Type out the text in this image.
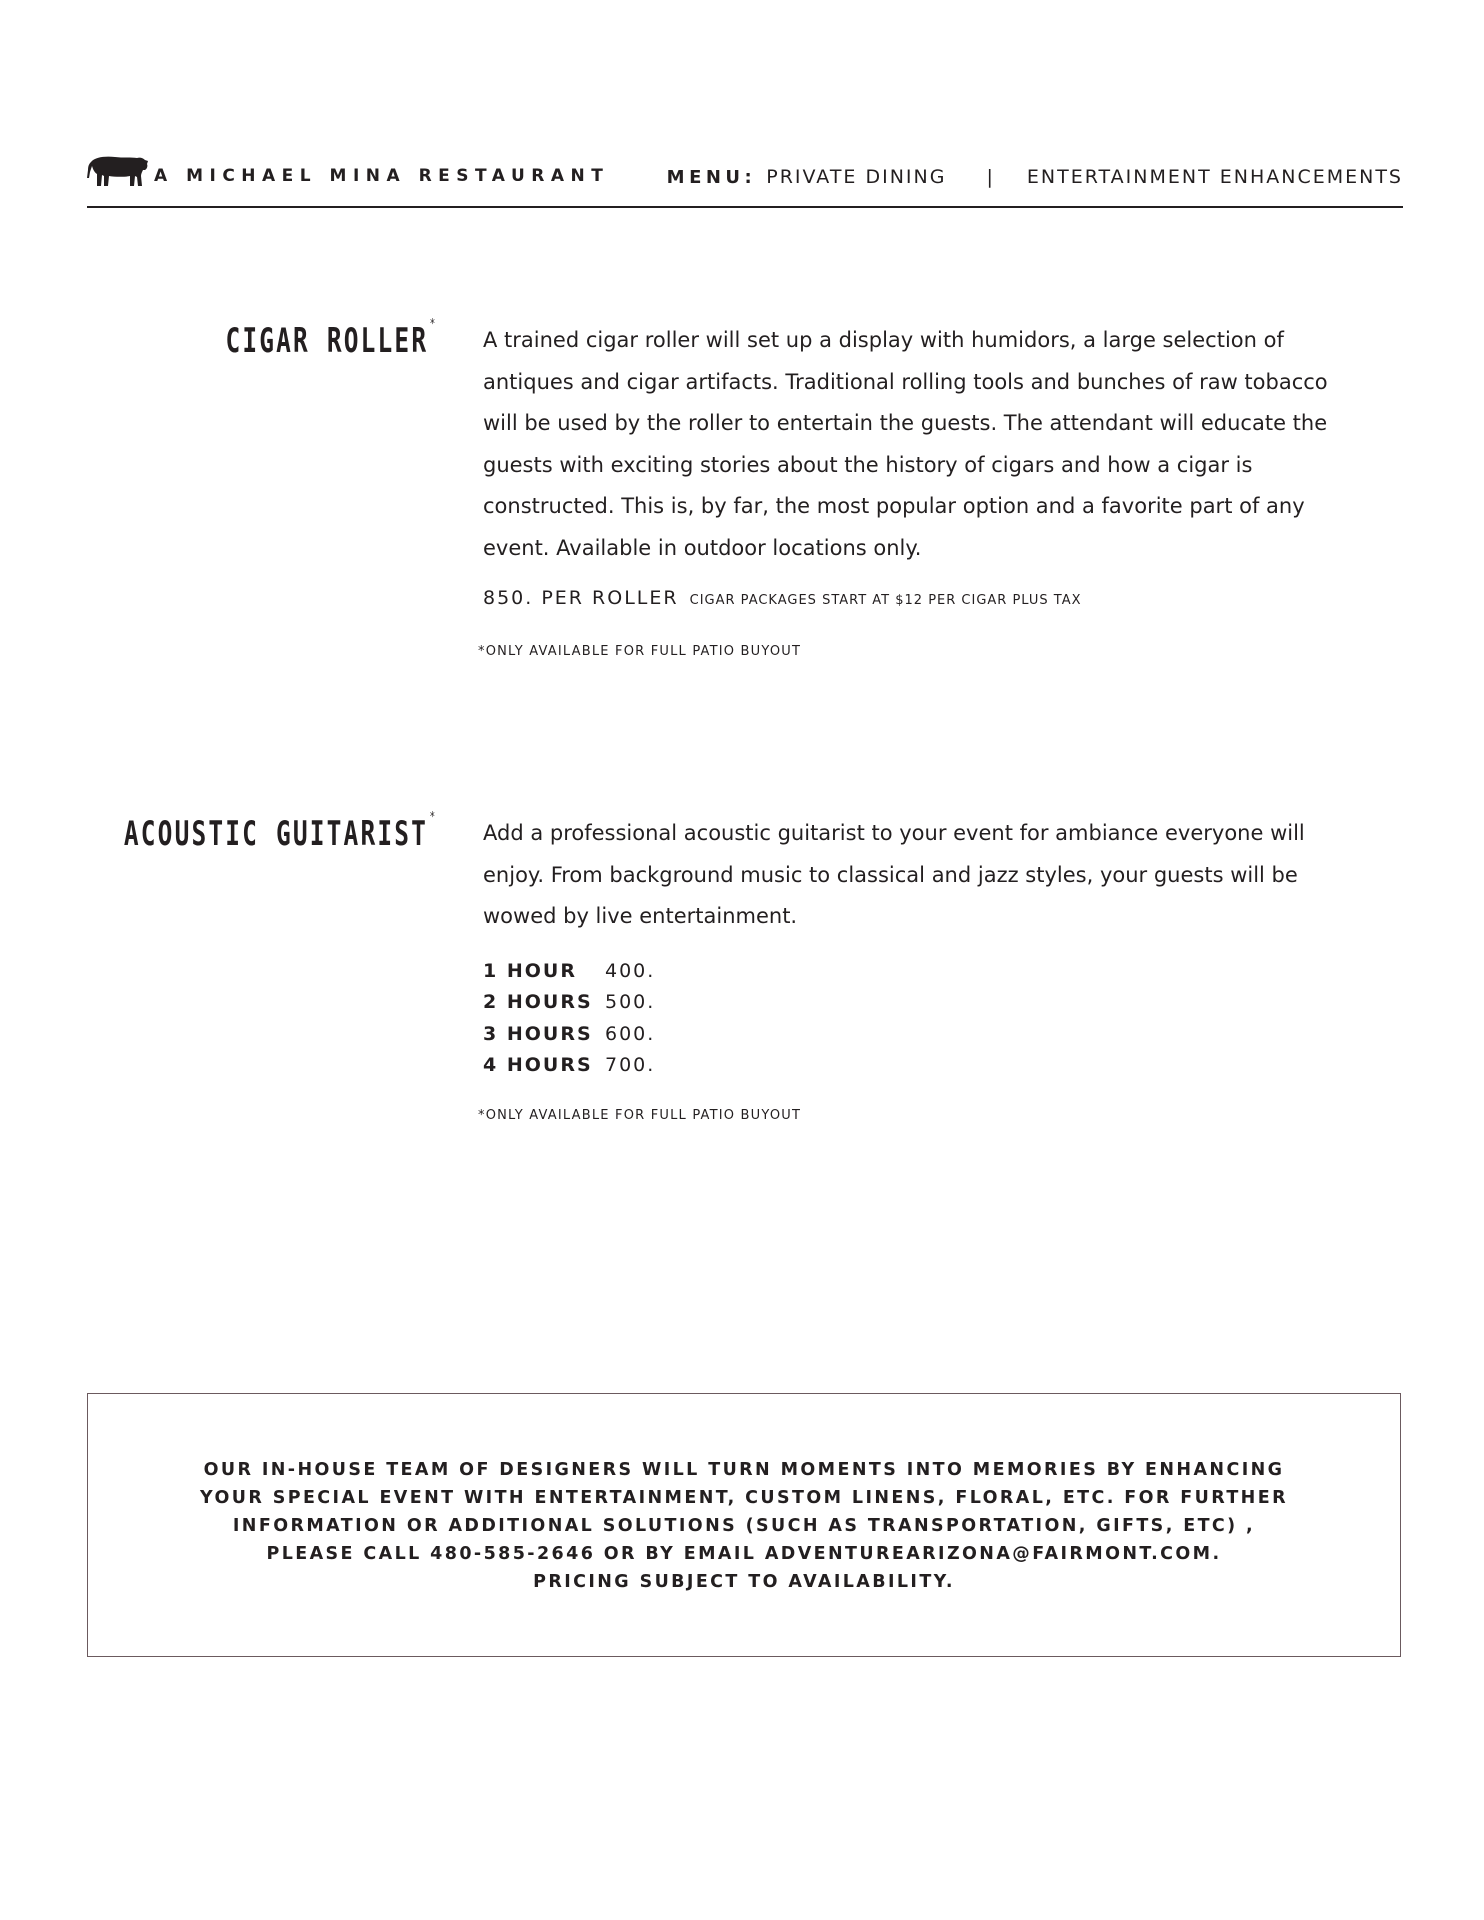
A MICHAEL MINA RESTAURANT	MENU: PRIVATE DINING | ENTERTAINMENT ENHANCEMENTS
CIGAR ROLLER*
A trained cigar roller will set up a display with humidors, a large selection of antiques and cigar artifacts. Traditional rolling tools and bunches of raw tobacco will be used by the roller to entertain the guests. The attendant will educate the guests with exciting stories about the history of cigars and how a cigar is constructed. This is, by far, the most popular option and a favorite part of any event. Available in outdoor locations only.
850. PER ROLLER CIGAR PACKAGES START AT $12 PER CIGAR PLUS TAX
*ONLY AVAILABLE FOR FULL PATIO BUYOUT
ACOUSTIC GUITARIST*
Add a professional acoustic guitarist to your event for ambiance everyone will enjoy. From background music to classical and jazz styles, your guests will be wowed by live entertainment.
1 HOUR	400.
2 HOURS 500.
3 HOURS 600.
4 HOURS 700.
*ONLY AVAILABLE FOR FULL PATIO BUYOUT
OUR IN-HOUSE TEAM OF DESIGNERS WILL TURN MOMENTS INTO MEMORIES BY ENHANCING
YOUR SPECIAL EVENT WITH ENTERTAINMENT, CUSTOM LINENS, FLORAL, ETC. FOR FURTHER
INFORMATION OR ADDITIONAL SOLUTIONS (SUCH AS TRANSPORTATION, GIFTS, ETC) ,
PLEASE CALL 480-585-2646 OR BY EMAIL ADVENTUREARIZONA@FAIRMONT.COM.
PRICING SUBJECT TO AVAILABILITY.
